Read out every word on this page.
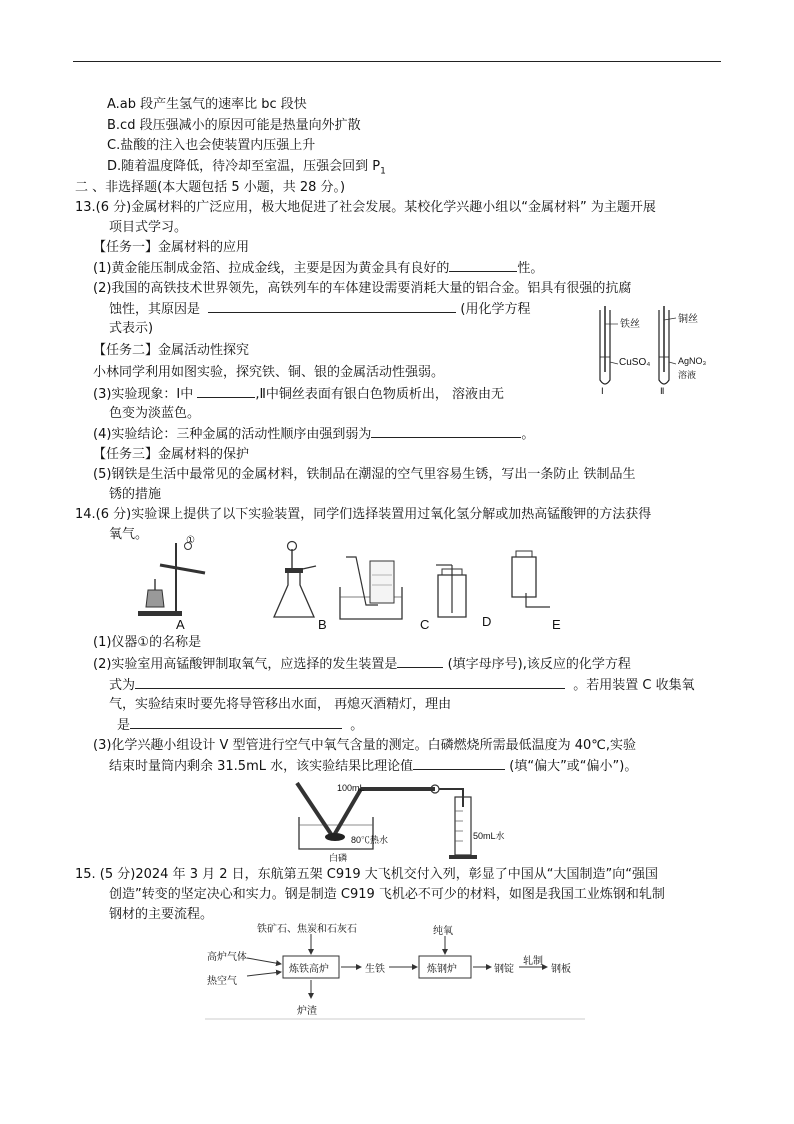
A.ab 段产生氢气的速率比 bc 段快
B.cd 段压强减小的原因可能是热量向外扩散
C.盐酸的注入也会使装置内压强上升
D.随着温度降低，待冷却至室温，压强会回到 $P_1$
二 、非选择题(本大题包括 5 小题，共 28 分。)
13.(6 分)金属材料的广泛应用，极大地促进了社会发展。某校化学兴趣小组以“金属材料” 为主题开展
项目式学习。
【任务一】金属材料的应用
(1)黄金能压制成金箔、拉成金线，主要是因为黄金具有良好的	性。
(2)我国的高铁技术世界领先，高铁列车的车体建设需要消耗大量的铝合金。铝具有很强的抗腐
蚀性，其原因是	(用化学方程
式表示)
【任务二】金属活动性探究
小林同学利用如图实验，探究铁、铜、银的金属活动性强弱。
(3)实验现象：Ⅰ中	,Ⅱ中铜丝表面有银白色物质析出， 溶液由无
色变为淡蓝色。
(4)实验结论：三种金属的活动性顺序由强到弱为	。
【任务三】金属材料的保护
(5)钢铁是生活中最常见的金属材料，铁制品在潮湿的空气里容易生锈，写出一条防止 铁制品生
锈的措施
铁丝	铜丝
CuSO₄	AgNO₃
溶液
Ⅰ	Ⅱ
14.(6 分)实验课上提供了以下实验装置，同学们选择装置用过氧化氢分解或加热高锰酸钾的方法获得
氧气。	①
A	B	C	D	E
(1)仪器①的名称是
(2)实验室用高锰酸钾制取氧气，应选择的发生装置是	(填字母序号),该反应的化学方程
式为	。若用装置 C 收集氧
气，实验结束时要先将导管移出水面， 再熄灭酒精灯，理由
是	。
(3)化学兴趣小组设计 V 型管进行空气中氧气含量的测定。白磷燃烧所需最低温度为 40℃,实验
结束时量筒内剩余 31.5mL 水，该实验结果比理论值	(填“偏大”或“偏小”)。
100mL
80℃热水	50mL水
白磷
15. (5 分)2024 年 3 月 2 日，东航第五架 C919 大飞机交付入列，彰显了中国从“大国制造”向“强国
创造”转变的坚定决心和实力。钢是制造 C919 飞机必不可少的材料，如图是我国工业炼钢和轧制
钢材的主要流程。
铁矿石、焦炭和石灰石
高炉气体
热空气
炼铁高炉	生铁
纯氧
炼钢炉	钢锭
轧制
钢板
炉渣
